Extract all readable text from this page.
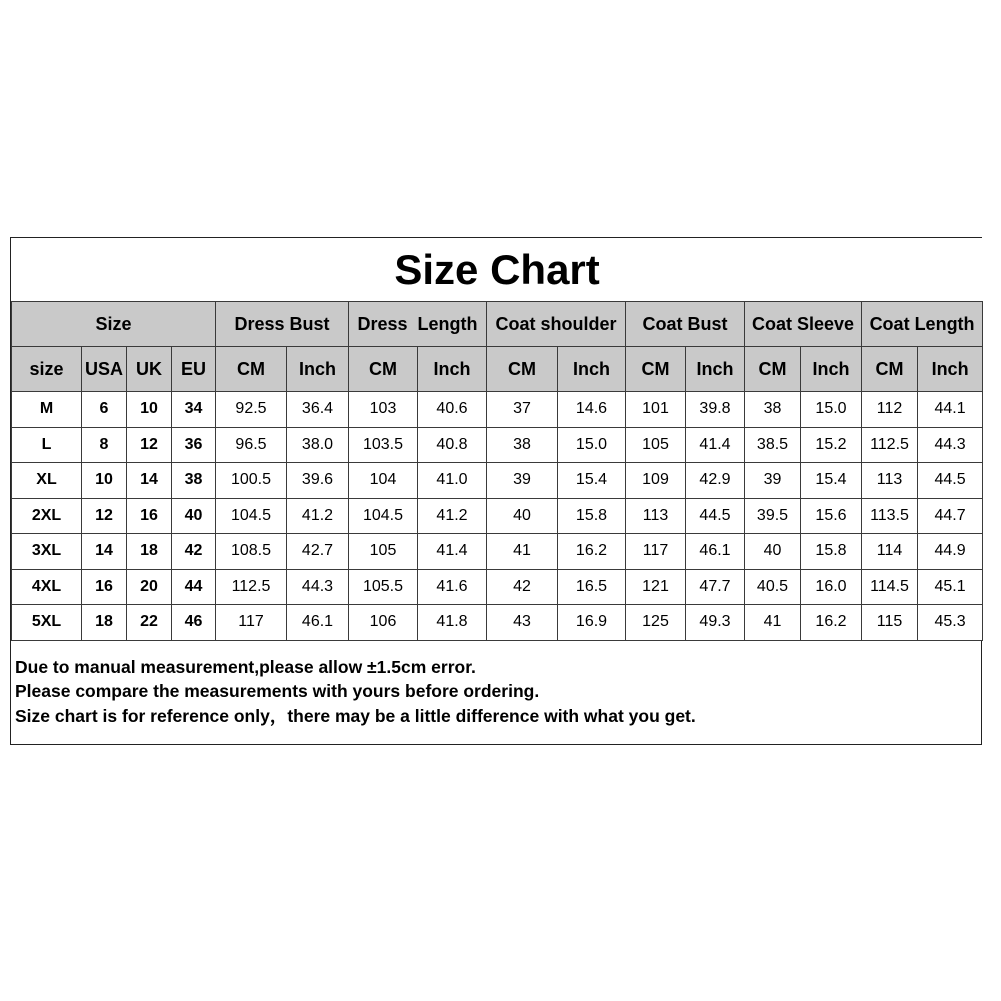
Size Chart															
Size				Dress Bust		Dress  Length		Coat shoulder		Coat Bust		Coat Sleeve		Coat Length	
size	USA	UK	EU	CM	Inch	CM	Inch	CM	Inch	CM	Inch	CM	Inch	CM	Inch
M	6	10	34	92.5	36.4	103	40.6	37	14.6	101	39.8	38	15.0	112	44.1
L	8	12	36	96.5	38.0	103.5	40.8	38	15.0	105	41.4	38.5	15.2	112.5	44.3
XL	10	14	38	100.5	39.6	104	41.0	39	15.4	109	42.9	39	15.4	113	44.5
2XL	12	16	40	104.5	41.2	104.5	41.2	40	15.8	113	44.5	39.5	15.6	113.5	44.7
3XL	14	18	42	108.5	42.7	105	41.4	41	16.2	117	46.1	40	15.8	114	44.9
4XL	16	20	44	112.5	44.3	105.5	41.6	42	16.5	121	47.7	40.5	16.0	114.5	45.1
5XL	18	22	46	117	46.1	106	41.8	43	16.9	125	49.3	41	16.2	115	45.3
Due to manual measurement,please allow ±1.5cm error.
Please compare the measurements with yours before ordering.
Size chart is for reference only，there may be a little difference with what you get.
